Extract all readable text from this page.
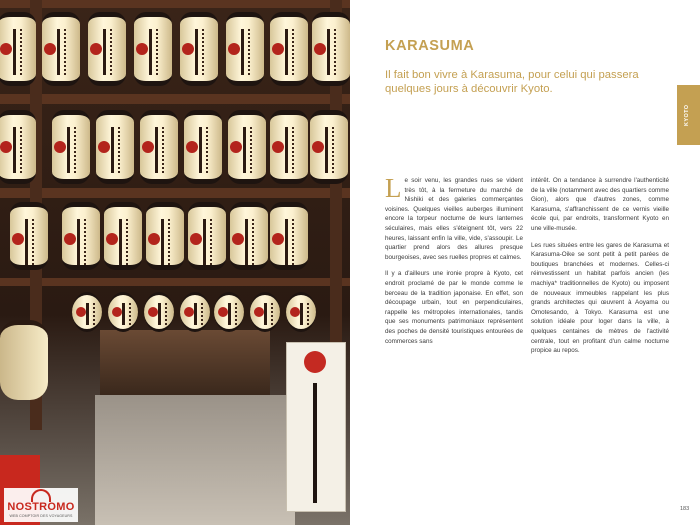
NOSTROMO
WEB COMPTOIR DES VOYAGEURS
KARASUMA
Il fait bon vivre à Karasuma, pour celui qui passera quelques jours à découvrir Kyoto.
KYOTO

Le soir venu, les grandes rues se vident très tôt, à la fermeture du marché de Nishiki et des galeries commerçantes voisines. Quelques vieilles auberges illuminent encore la torpeur nocturne de leurs lanternes séculaires, mais elles s'éteignent tôt, vers 22 heures, laissant enfin la ville, vide, s'assoupir. Le quartier prend alors des allures presque bourgeoises, avec ses ruelles propres et calmes.

Il y a d'ailleurs une ironie propre à Kyoto, cet endroit proclamé de par le monde comme le berceau de la tradition japonaise. En effet, son découpage urbain, tout en perpendiculaires, rappelle les métropoles internationales, tandis que ses monuments patrimoniaux représentent des poches de densité touristiques entourées de commerces sans

intérêt. On a tendance à surrendre l'authenticité de la ville (notamment avec des quartiers comme Gion), alors que d'autres zones, comme Karasuma, s'affranchissent de ce vernis vieille école qui, par endroits, transforment Kyoto en une ville-musée.

Les rues situées entre les gares de Karasuma et Karasuma-Oike se sont petit à petit parées de boutiques branchées et modernes. Celles-ci réinvestissent un habitat parfois ancien (les machiya* traditionnelles de Kyoto) ou imposent de nouveaux immeubles rappelant les plus grands architectes qui œuvrent à Aoyama ou Omotesando, à Tokyo. Karasuma est une solution idéale pour loger dans la ville, à quelques centaines de mètres de l'activité centrale, tout en profitant d'un calme nocturne propice au repos.

183
